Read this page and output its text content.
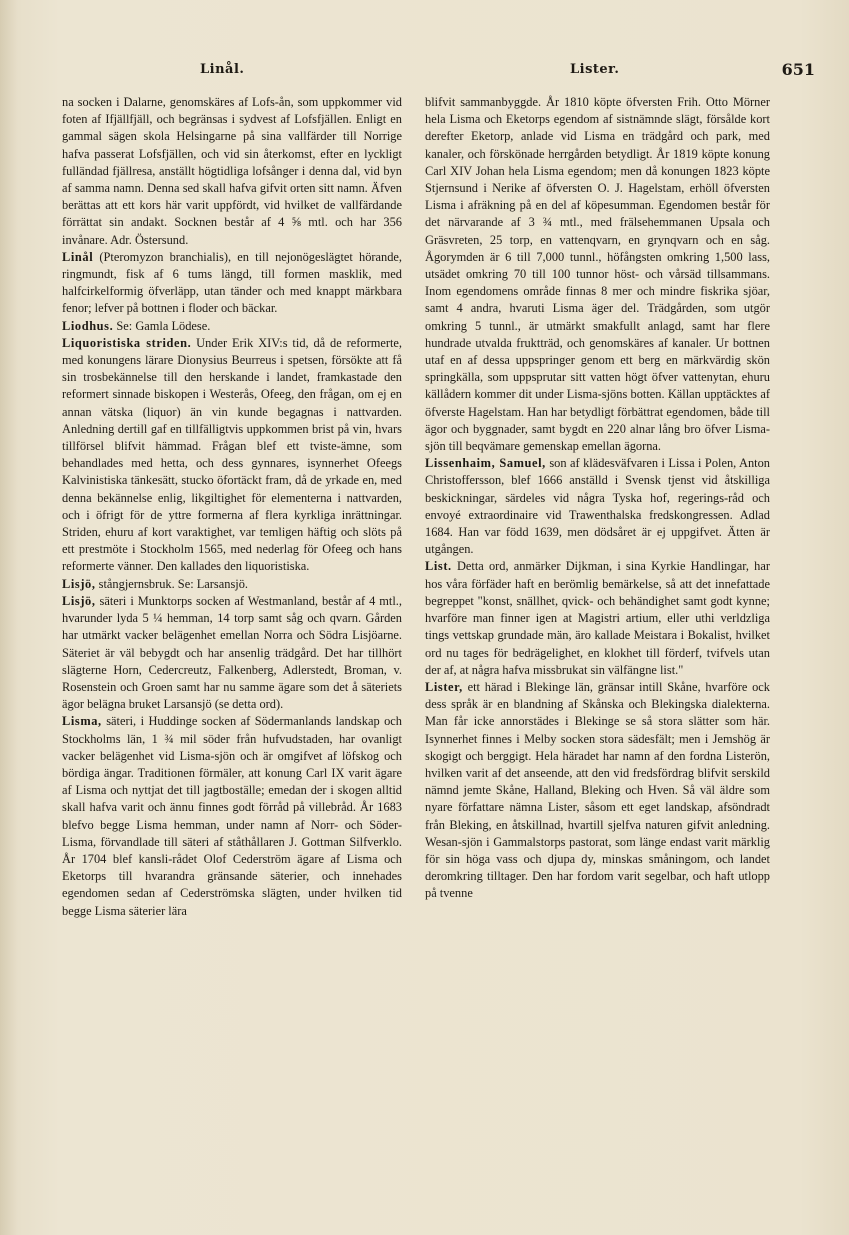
Linål.	Lister.	651

na socken i Dalarne, genomskäres af Lofs-ån, som uppkommer vid foten af Ifjällfjäll, och begränsas i sydvest af Lofsfjällen. Enligt en gammal sägen skola Helsingarne på sina vallfärder till Norrige hafva passerat Lofsfjällen, och vid sin återkomst, efter en lyckligt fulländad fjällresa, anställt högtidliga lofsånger i denna dal, vid byn af samma namn. Denna sed skall hafva gifvit orten sitt namn. Äfven berättas att ett kors här varit uppfördt, vid hvilket de vallfärdande förrättat sin andakt. Socknen består af 4 ⅝ mtl. och har 356 invånare. Adr. Östersund.

Linål (Pteromyzon branchialis), en till nejonögeslägtet hörande, ringmundt, fisk af 6 tums längd, till formen masklik, med halfcirkelformig öfverläpp, utan tänder och med knappt märkbara fenor; lefver på bottnen i floder och bäckar.

Liodhus. Se: Gamla Lödese.

Liquoristiska striden. Under Erik XIV:s tid, då de reformerte, med konungens lärare Dionysius Beurreus i spetsen, försökte att få sin trosbekännelse till den herskande i landet, framkastade den reformert sinnade biskopen i Westerås, Ofeeg, den frågan, om ej en annan vätska (liquor) än vin kunde begagnas i nattvarden. Anledning dertill gaf en tillfälligtvis uppkommen brist på vin, hvars tillförsel blifvit hämmad. Frågan blef ett tviste-ämne, som behandlades med hetta, och dess gynnares, isynnerhet Ofeegs Kalvinistiska tänkesätt, stucko öfortäckt fram, då de yrkade en, med denna bekännelse enlig, likgiltighet för elementerna i nattvarden, och i öfrigt för de yttre formerna af flera kyrkliga inrättningar. Striden, ehuru af kort varaktighet, var temligen häftig och slöts på ett prestmöte i Stockholm 1565, med nederlag för Ofeeg och hans reformerte vänner. Den kallades den liquoristiska.

Lisjö, stångjernsbruk. Se: Larsansjö.

Lisjö, säteri i Munktorps socken af Westmanland, består af 4 mtl., hvarunder lyda 5 ¼ hemman, 14 torp samt såg och qvarn. Gården har utmärkt vacker belägenhet emellan Norra och Södra Lisjöarne. Säteriet är väl bebygdt och har ansenlig trädgård. Det har tillhört slägterne Horn, Cedercreutz, Falkenberg, Adlerstedt, Broman, v. Rosenstein och Groen samt har nu samme ägare som det å säteriets ägor belägna bruket Larsansjö (se detta ord).

Lisma, säteri, i Huddinge socken af Södermanlands landskap och Stockholms län, 1 ¾ mil söder från hufvudstaden, har ovanligt vacker belägenhet vid Lisma-sjön och är omgifvet af löfskog och bördiga ängar. Traditionen förmäler, att konung Carl IX varit ägare af Lisma och nyttjat det till jagtboställe; emedan der i skogen alltid skall hafva varit och ännu finnes godt förråd på villebråd. År 1683 blefvo begge Lisma hemman, under namn af Norr- och Söder-Lisma, förvandlade till säteri af ståthållaren J. Gottman Silfverklo. År 1704 blef kansli-rådet Olof Cederström ägare af Lisma och Eketorps till hvarandra gränsande säterier, och innehades egendomen sedan af Cederströmska slägten, under hvilken tid begge Lisma säterier lära

blifvit sammanbyggde. År 1810 köpte öfversten Frih. Otto Mörner hela Lisma och Eketorps egendom af sistnämnde slägt, försålde kort derefter Eketorp, anlade vid Lisma en trädgård och park, med kanaler, och förskönade herrgården betydligt. År 1819 köpte konung Carl XIV Johan hela Lisma egendom; men då konungen 1823 köpte Stjernsund i Nerike af öfversten O. J. Hagelstam, erhöll öfversten Lisma i afräkning på en del af köpesumman. Egendomen består för det närvarande af 3 ¾ mtl., med frälsehemmanen Upsala och Gräsvreten, 25 torp, en vattenqvarn, en grynqvarn och en såg. Ågorymden är 6 till 7,000 tunnl., höfångsten omkring 1,500 lass, utsädet omkring 70 till 100 tunnor höst- och vårsäd tillsammans. Inom egendomens område finnas 8 mer och mindre fiskrika sjöar, samt 4 andra, hvaruti Lisma äger del. Trädgården, som utgör omkring 5 tunnl., är utmärkt smakfullt anlagd, samt har flere hundrade utvalda fruktträd, och genomskäres af kanaler. Ur bottnen utaf en af dessa uppspringer genom ett berg en märkvärdig skön springkälla, som uppsprutar sitt vatten högt öfver vattenytan, ehuru källådern kommer dit under Lisma-sjöns botten. Källan upptäcktes af öfverste Hagelstam. Han har betydligt förbättrat egendomen, både till ägor och byggnader, samt bygdt en 220 alnar lång bro öfver Lisma-sjön till beqvämare gemenskap emellan ägorna.

Lissenhaim, Samuel, son af klädesväfvaren i Lissa i Polen, Anton Christoffersson, blef 1666 anställd i Svensk tjenst vid åtskilliga beskickningar, särdeles vid några Tyska hof, regerings-råd och envoyé extraordinaire vid Trawenthalska fredskongressen. Adlad 1684. Han var född 1639, men dödsåret är ej uppgifvet. Ätten är utgången.

List. Detta ord, anmärker Dijkman, i sina Kyrkie Handlingar, har hos våra förfäder haft en berömlig bemärkelse, så att det innefattade begreppet "konst, snällhet, qvick- och behändighet samt godt kynne; hvarföre man finner igen at Magistri artium, eller uthi verldzliga tings vettskap grundade män, äro kallade Meistara i Bokalist, hvilket ord nu tages för bedrägelighet, en klokhet till förderf, tvifvels utan der af, at några hafva missbrukat sin välfängne list."

Lister, ett härad i Blekinge län, gränsar intill Skåne, hvarföre ock dess språk är en blandning af Skånska och Blekingska dialekterna. Man får icke annorstädes i Blekinge se så stora slätter som här. Isynnerhet finnes i Melby socken stora sädesfält; men i Jemshög är skogigt och berggigt. Hela häradet har namn af den fordna Listerön, hvilken varit af det anseende, att den vid fredsfördrag blifvit serskild nämnd jemte Skåne, Halland, Bleking och Hven. Så väl äldre som nyare författare nämna Lister, såsom ett eget landskap, afsöndradt från Bleking, en åtskillnad, hvartill sjelfva naturen gifvit anledning. Wesan-sjön i Gammalstorps pastorat, som länge endast varit märklig för sin höga vass och djupa dy, minskas småningom, och landet deromkring tilltager. Den har fordom varit segelbar, och haft utlopp på tvenne
